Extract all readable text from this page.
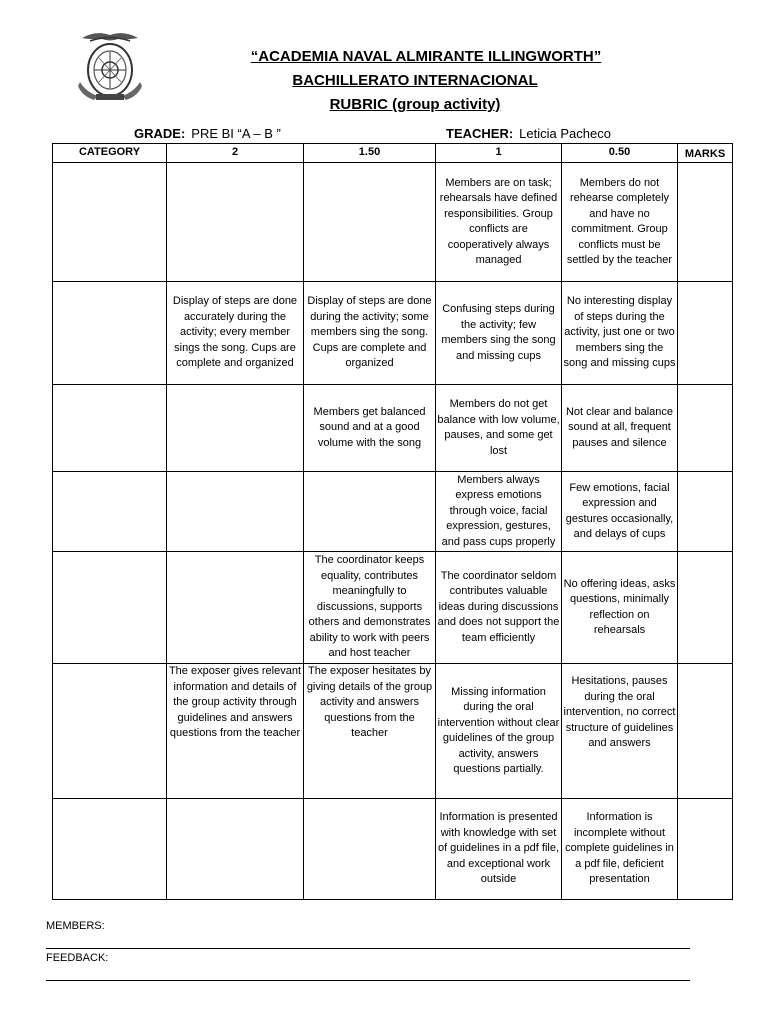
“ACADEMIA NAVAL ALMIRANTE ILLINGWORTH”
BACHILLERATO INTERNACIONAL
RUBRIC (group activity)
GRADE: PRE BI “A – B ”	TEACHER: Leticia Pacheco
CATEGORY	2	1.50	1	0.50	MARKS
			Members are on task; rehearsals have defined responsibilities. Group conflicts are cooperatively always managed	Members do not rehearse completely and have no commitment. Group conflicts must be settled by the teacher	
	Display of steps are done accurately during the activity; every member sings the song. Cups are complete and organized	Display of steps are done during the activity; some members sing the song. Cups are complete and organized	Confusing steps during the activity; few members sing the song and missing cups	No interesting display of steps during the activity, just one or two members sing the song and missing cups	
		Members get balanced sound and at a good volume with the song	Members do not get balance with low volume, pauses, and some get lost	Not clear and balance sound at all, frequent pauses and silence	
			Members always express emotions through voice, facial expression, gestures, and pass cups properly	Few emotions, facial expression and gestures occasionally, and delays of cups	
		The coordinator keeps equality, contributes meaningfully to discussions, supports others and demonstrates ability to work with peers and host teacher	The coordinator seldom contributes valuable ideas during discussions and does not support the team efficiently	No offering ideas, asks questions, minimally reflection on rehearsals	
	The exposer gives relevant information and details of the group activity through guidelines and answers questions from the teacher	The exposer hesitates by giving details of the group activity and answers questions from the teacher	Missing information during the oral intervention without clear guidelines of the group activity, answers questions partially.	Hesitations, pauses during the oral intervention, no correct structure of guidelines and answers	
			Information is presented with knowledge with set of guidelines in a pdf file, and exceptional work outside	Information is incomplete without complete guidelines in a pdf file, deficient presentation	
MEMBERS:
FEEDBACK:
